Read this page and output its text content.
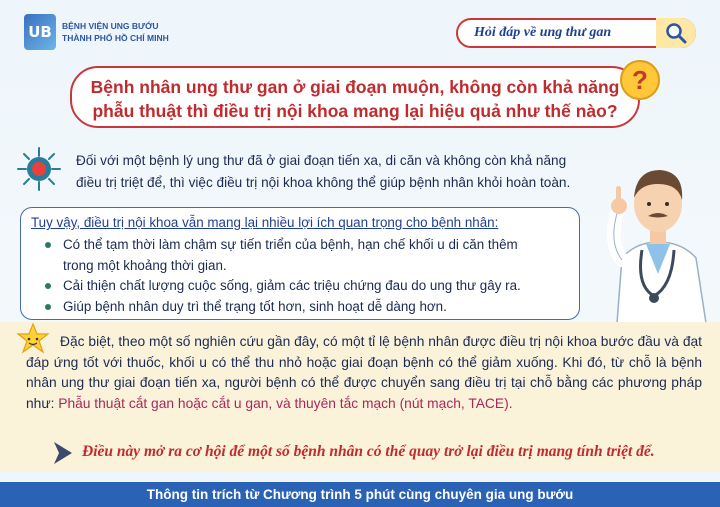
UB	BỆNH VIỆN UNG BƯỚU
THÀNH PHỐ HỒ CHÍ MINH	Hỏi đáp về ung thư gan
Bệnh nhân ung thư gan ở giai đoạn muộn, không còn khả năng
phẫu thuật thì điều trị nội khoa mang lại hiệu quả như thế nào?
?
Đối với một bệnh lý ung thư đã ở giai đoạn tiến xa, di căn và không còn khả năng
điều trị triệt để, thì việc điều trị nội khoa không thể giúp bệnh nhân khỏi hoàn toàn.
Tuy vậy, điều trị nội khoa vẫn mang lại nhiều lợi ích quan trọng cho bệnh nhân:
Có thể tạm thời làm chậm sự tiến triển của bệnh, hạn chế khối u di căn thêm
trong một khoảng thời gian.
Cải thiện chất lượng cuộc sống, giảm các triệu chứng đau do ung thư gây ra.
Giúp bệnh nhân duy trì thể trạng tốt hơn, sinh hoạt dễ dàng hơn.
Đặc biệt, theo một số nghiên cứu gần đây, có một tỉ lệ bệnh nhân được điều trị nội khoa bước đầu và đạt đáp ứng tốt với thuốc, khối u có thể thu nhỏ hoặc giai đoạn bệnh có thể giảm xuống. Khi đó, từ chỗ là bệnh nhân ung thư giai đoạn tiến xa, người bệnh có thể được chuyển sang điều trị tại chỗ bằng các phương pháp như: Phẫu thuật cắt gan hoặc cắt u gan, và thuyên tắc mạch (nút mạch, TACE).
Điều này mở ra cơ hội để một số bệnh nhân có thể quay trở lại điều trị mang tính triệt để.
Thông tin trích từ Chương trình 5 phút cùng chuyên gia ung bướu
